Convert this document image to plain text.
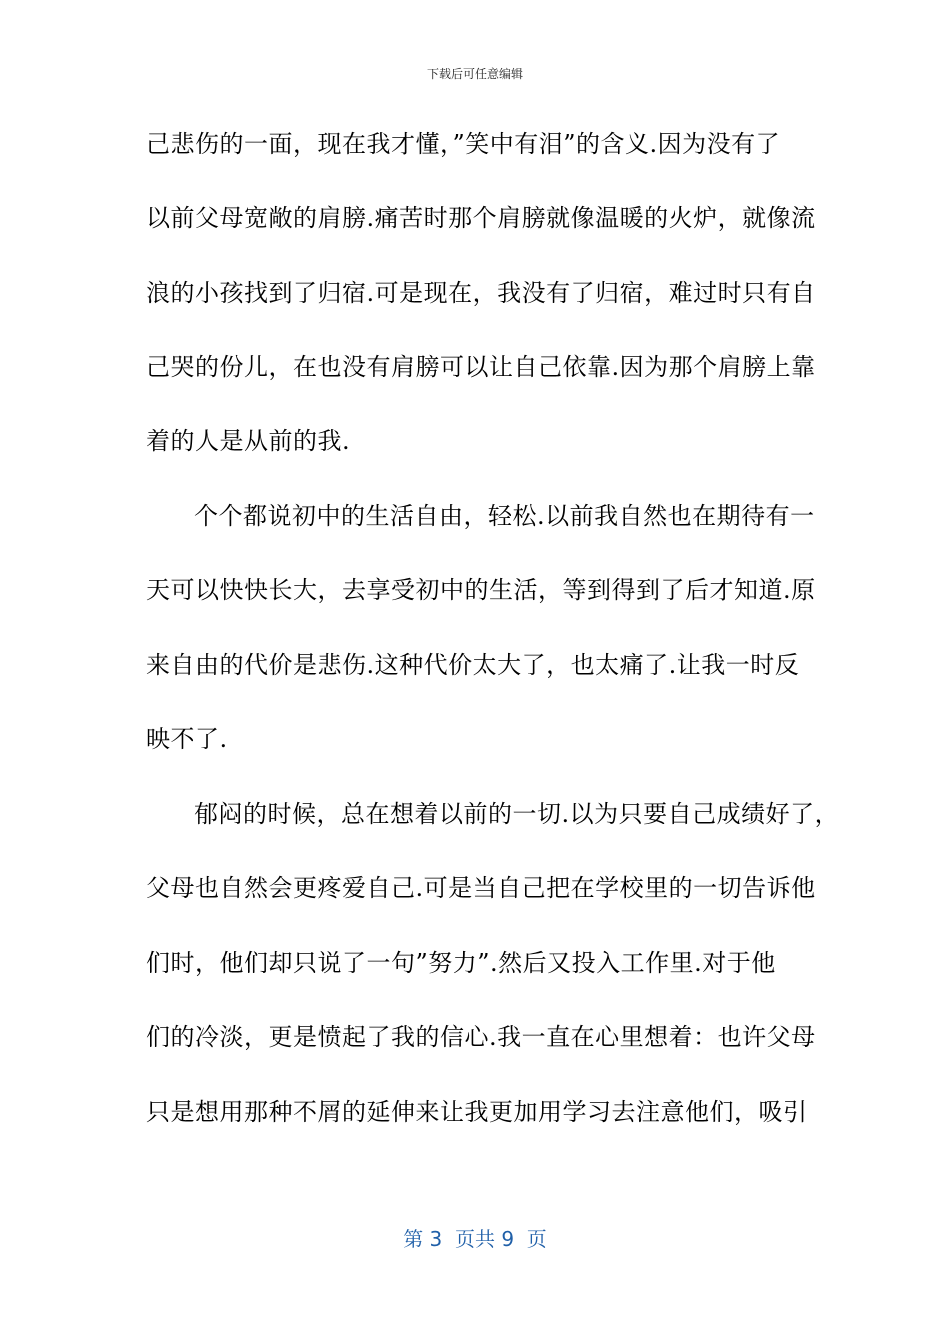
下载后可任意编辑
己悲伤的一面，现在我才懂，”笑中有泪”的含义.因为没有了
以前父母宽敞的肩膀.痛苦时那个肩膀就像温暖的火炉，就像流
浪的小孩找到了归宿.可是现在，我没有了归宿，难过时只有自
己哭的份儿，在也没有肩膀可以让自己依靠.因为那个肩膀上靠
着的人是从前的我.
个个都说初中的生活自由，轻松.以前我自然也在期待有一
天可以快快长大，去享受初中的生活，等到得到了后才知道.原
来自由的代价是悲伤.这种代价太大了，也太痛了.让我一时反
映不了.
郁闷的时候，总在想着以前的一切.以为只要自己成绩好了，
父母也自然会更疼爱自己.可是当自己把在学校里的一切告诉他
们时，他们却只说了一句”努力”.然后又投入工作里.对于他
们的冷淡，更是愤起了我的信心.我一直在心里想着：也许父母
只是想用那种不屑的延伸来让我更加用学习去注意他们，吸引
第 3  页共 9  页
